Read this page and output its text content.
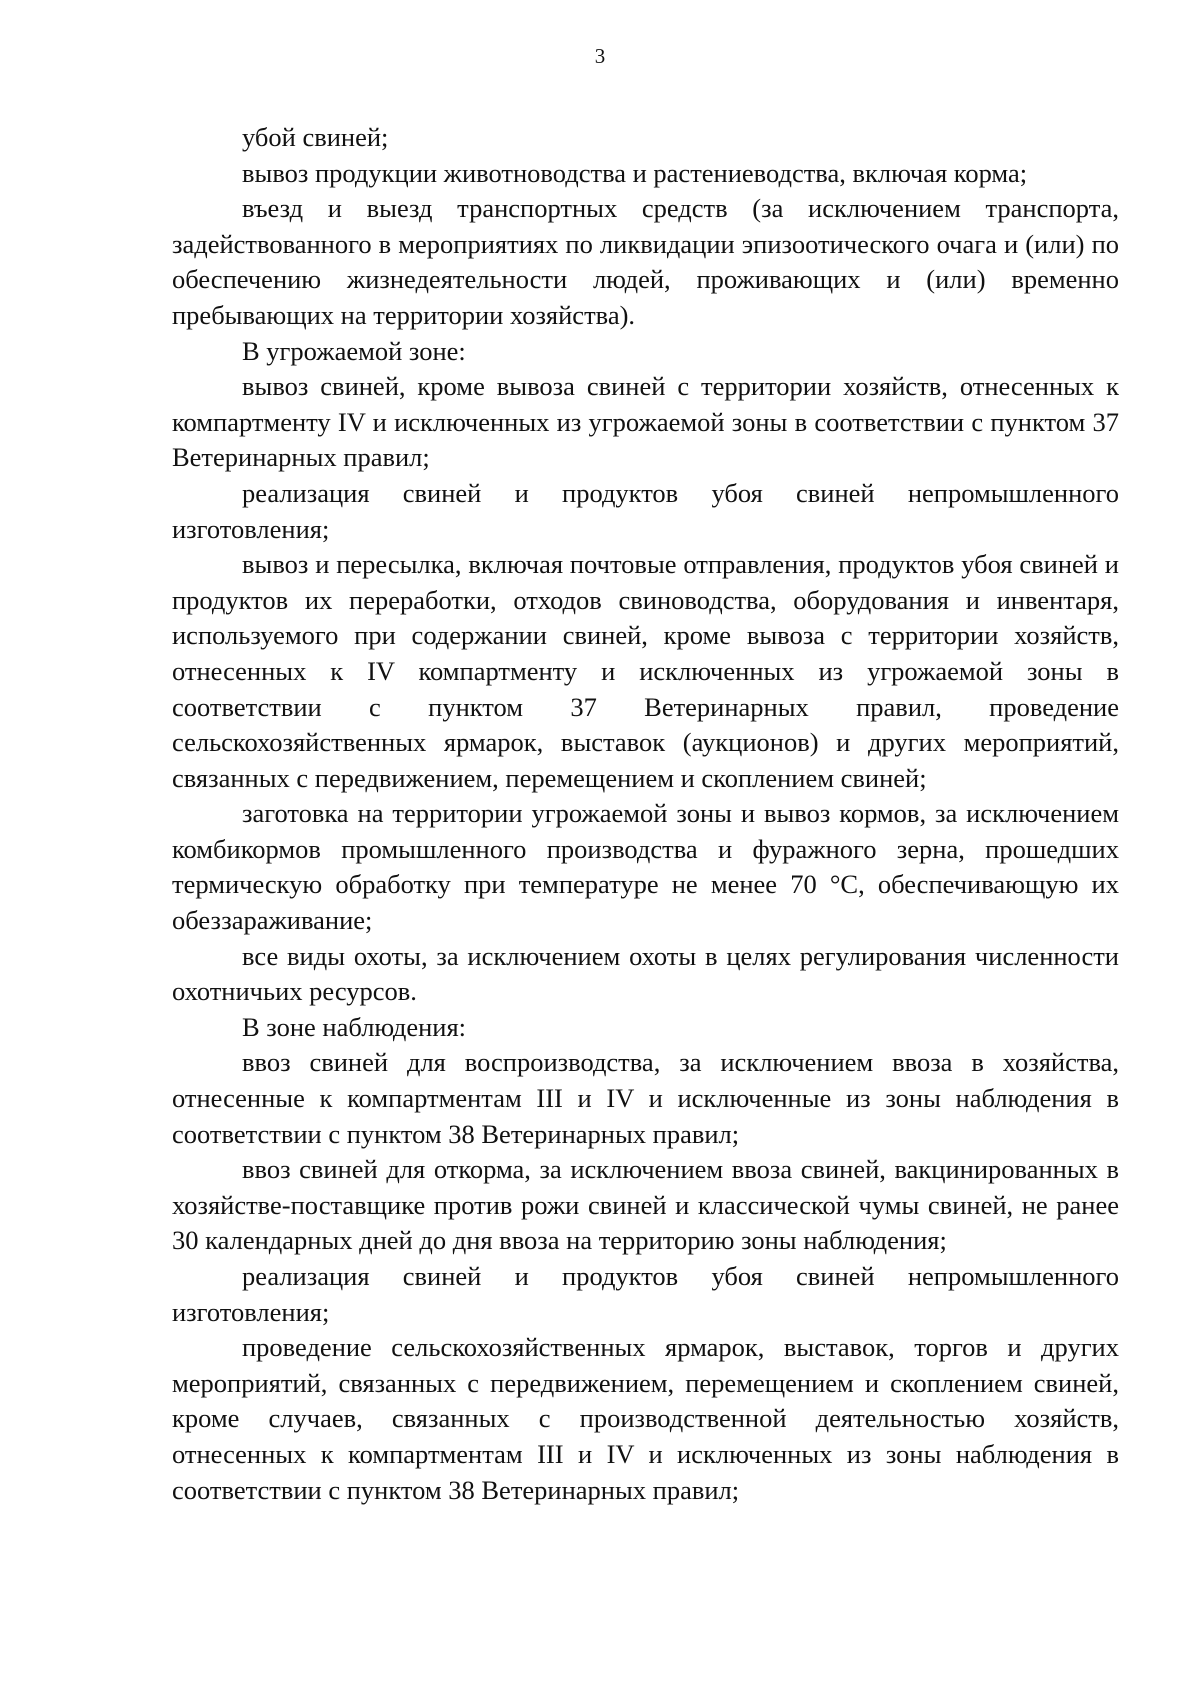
3

убой свиней;

вывоз продукции животноводства и растениеводства, включая корма;

въезд и выезд транспортных средств (за исключением транспорта, задействованного в мероприятиях по ликвидации эпизоотического очага и (или) по обеспечению жизнедеятельности людей, проживающих и (или) временно пребывающих на территории хозяйства).

В угрожаемой зоне:

вывоз свиней, кроме вывоза свиней с территории хозяйств, отнесенных к компартменту IV и исключенных из угрожаемой зоны в соответствии с пунктом 37 Ветеринарных правил;

реализация свиней и продуктов убоя свиней непромышленного изготовления;

вывоз и пересылка, включая почтовые отправления, продуктов убоя свиней и продуктов их переработки, отходов свиноводства, оборудования и инвентаря, используемого при содержании свиней, кроме вывоза с территории хозяйств, отнесенных к IV компартменту и исключенных из угрожаемой зоны в соответствии с пунктом 37 Ветеринарных правил, проведение сельскохозяйственных ярмарок, выставок (аукционов) и других мероприятий, связанных с передвижением, перемещением и скоплением свиней;

заготовка на территории угрожаемой зоны и вывоз кормов, за исключением комбикормов промышленного производства и фуражного зерна, прошедших термическую обработку при температуре не менее 70 °С, обеспечивающую их обеззараживание;

все виды охоты, за исключением охоты в целях регулирования численности охотничьих ресурсов.

В зоне наблюдения:

ввоз свиней для воспроизводства, за исключением ввоза в хозяйства, отнесенные к компартментам III и IV и исключенные из зоны наблюдения в соответствии с пунктом 38 Ветеринарных правил;

ввоз свиней для откорма, за исключением ввоза свиней, вакцинированных в хозяйстве-поставщике против рожи свиней и классической чумы свиней, не ранее 30 календарных дней до дня ввоза на территорию зоны наблюдения;

реализация свиней и продуктов убоя свиней непромышленного изготовления;

проведение сельскохозяйственных ярмарок, выставок, торгов и других мероприятий, связанных с передвижением, перемещением и скоплением свиней, кроме случаев, связанных с производственной деятельностью хозяйств, отнесенных к компартментам III и IV и исключенных из зоны наблюдения в соответствии с пунктом 38 Ветеринарных правил;
